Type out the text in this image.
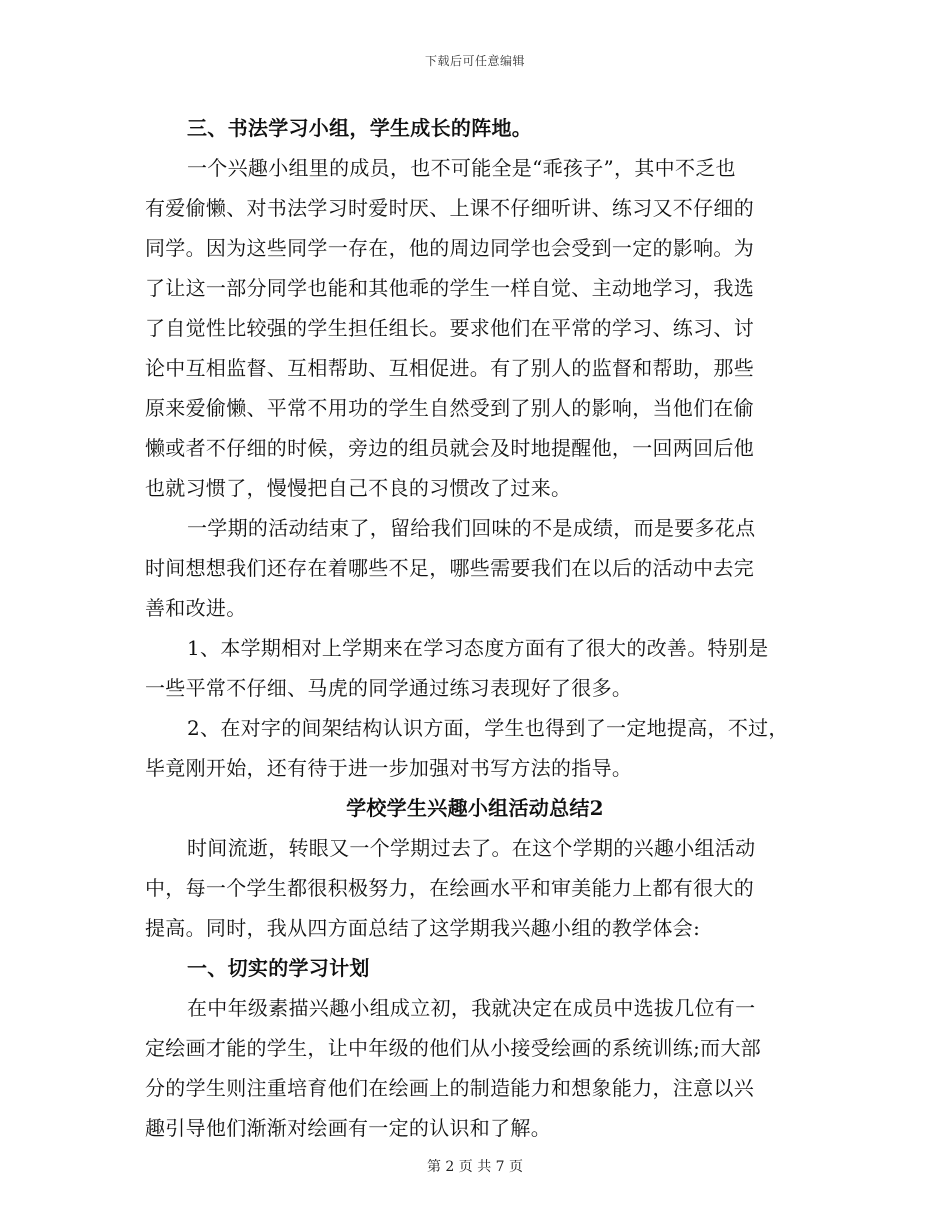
下载后可任意编辑
三、书法学习小组，学生成长的阵地。
一个兴趣小组里的成员，也不可能全是“乖孩子”，其中不乏也
有爱偷懒、对书法学习时爱时厌、上课不仔细听讲、练习又不仔细的
同学。因为这些同学一存在，他的周边同学也会受到一定的影响。为
了让这一部分同学也能和其他乖的学生一样自觉、主动地学习，我选
了自觉性比较强的学生担任组长。要求他们在平常的学习、练习、讨
论中互相监督、互相帮助、互相促进。有了别人的监督和帮助，那些
原来爱偷懒、平常不用功的学生自然受到了别人的影响，当他们在偷
懒或者不仔细的时候，旁边的组员就会及时地提醒他，一回两回后他
也就习惯了，慢慢把自己不良的习惯改了过来。
一学期的活动结束了，留给我们回味的不是成绩，而是要多花点
时间想想我们还存在着哪些不足，哪些需要我们在以后的活动中去完
善和改进。
1、本学期相对上学期来在学习态度方面有了很大的改善。特别是
一些平常不仔细、马虎的同学通过练习表现好了很多。
2、在对字的间架结构认识方面，学生也得到了一定地提高，不过，
毕竟刚开始，还有待于进一步加强对书写方法的指导。
学校学生兴趣小组活动总结2
时间流逝，转眼又一个学期过去了。在这个学期的兴趣小组活动
中，每一个学生都很积极努力，在绘画水平和审美能力上都有很大的
提高。同时，我从四方面总结了这学期我兴趣小组的教学体会:
一、切实的学习计划
在中年级素描兴趣小组成立初，我就决定在成员中选拔几位有一
定绘画才能的学生，让中年级的他们从小接受绘画的系统训练;而大部
分的学生则注重培育他们在绘画上的制造能力和想象能力，注意以兴
趣引导他们渐渐对绘画有一定的认识和了解。
第 2 页 共 7 页
